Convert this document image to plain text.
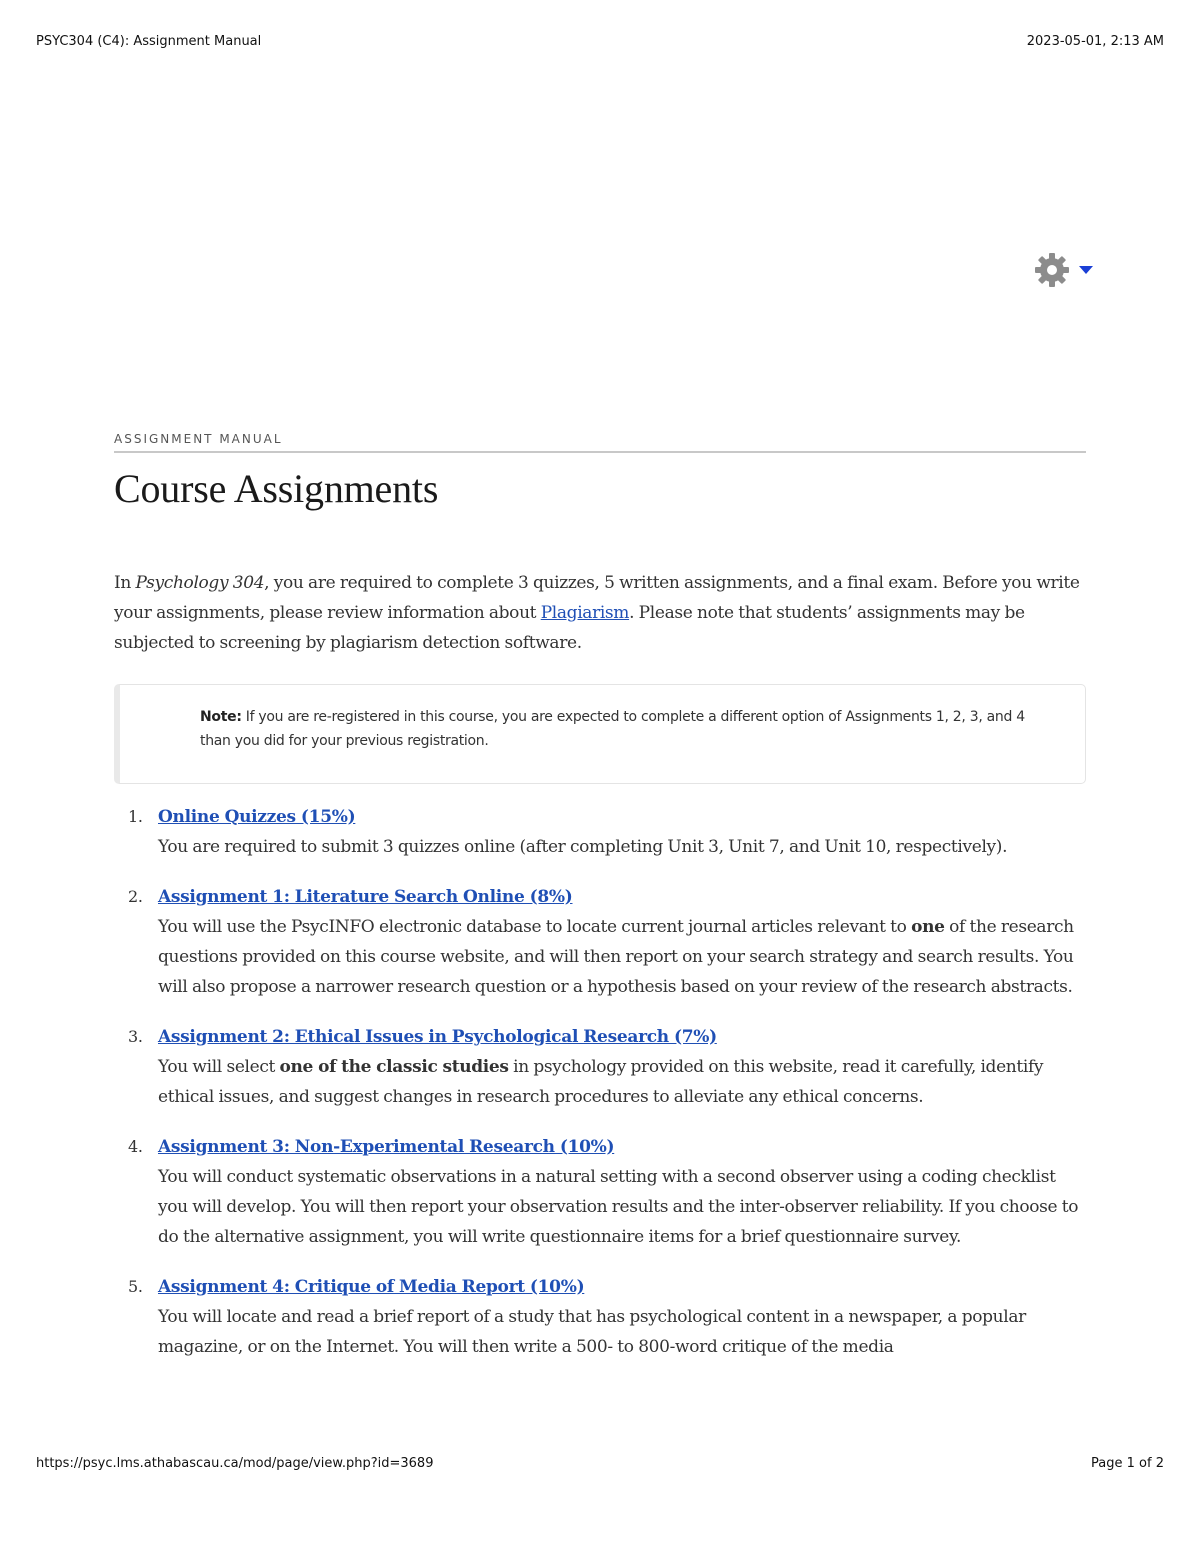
PSYC304 (C4): Assignment Manual	2023-05-01, 2:13 AM
ASSIGNMENT MANUAL
Course Assignments

In Psychology 304, you are required to complete 3 quizzes, 5 written assignments, and a final exam. Before you write your assignments, please review information about Plagiarism. Please note that students’ assignments may be subjected to screening by plagiarism detection software.

Note: If you are re-registered in this course, you are expected to complete a different option of Assignments 1, 2, 3, and 4 than you did for your previous registration.
1. Online Quizzes (15%)
You are required to submit 3 quizzes online (after completing Unit 3, Unit 7, and Unit 10, respectively).
2. Assignment 1: Literature Search Online (8%)
You will use the PsycINFO electronic database to locate current journal articles relevant to one of the research questions provided on this course website, and will then report on your search strategy and search results. You will also propose a narrower research question or a hypothesis based on your review of the research abstracts.
3. Assignment 2: Ethical Issues in Psychological Research (7%)
You will select one of the classic studies in psychology provided on this website, read it carefully, identify ethical issues, and suggest changes in research procedures to alleviate any ethical concerns.
4. Assignment 3: Non-Experimental Research (10%)
You will conduct systematic observations in a natural setting with a second observer using a coding checklist you will develop. You will then report your observation results and the inter-observer reliability. If you choose to do the alternative assignment, you will write questionnaire items for a brief questionnaire survey.
5. Assignment 4: Critique of Media Report (10%)
You will locate and read a brief report of a study that has psychological content in a newspaper, a popular magazine, or on the Internet. You will then write a 500- to 800-word critique of the media
https://psyc.lms.athabascau.ca/mod/page/view.php?id=3689	Page 1 of 2
